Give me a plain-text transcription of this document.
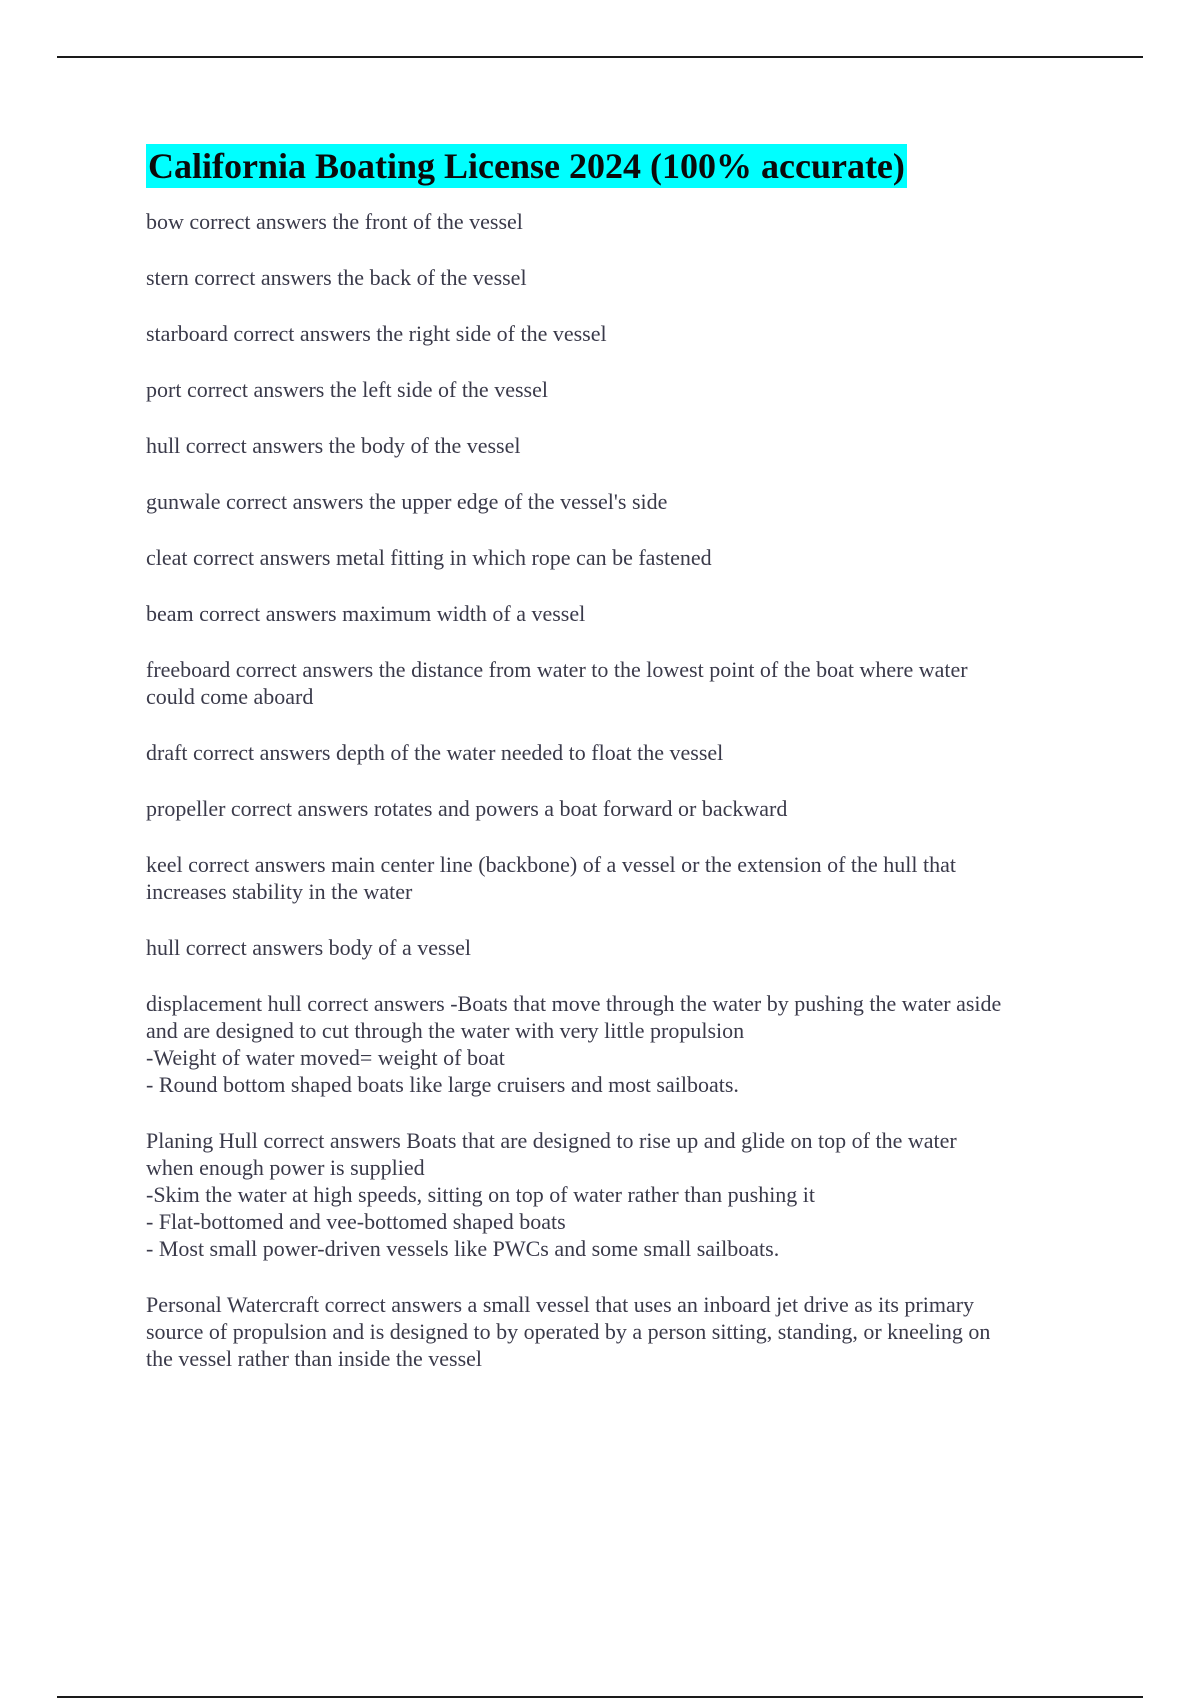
California Boating License 2024 (100% accurate)
bow correct answers the front of the vessel
stern correct answers the back of the vessel
starboard correct answers the right side of the vessel
port correct answers the left side of the vessel
hull correct answers the body of the vessel
gunwale correct answers the upper edge of the vessel's side
cleat correct answers metal fitting in which rope can be fastened
beam correct answers maximum width of a vessel
freeboard correct answers the distance from water to the lowest point of the boat where water
could come aboard
draft correct answers depth of the water needed to float the vessel
propeller correct answers rotates and powers a boat forward or backward
keel correct answers main center line (backbone) of a vessel or the extension of the hull that
increases stability in the water
hull correct answers body of a vessel
displacement hull correct answers -Boats that move through the water by pushing the water aside
and are designed to cut through the water with very little propulsion
-Weight of water moved= weight of boat
- Round bottom shaped boats like large cruisers and most sailboats.
Planing Hull correct answers Boats that are designed to rise up and glide on top of the water
when enough power is supplied
-Skim the water at high speeds, sitting on top of water rather than pushing it
- Flat-bottomed and vee-bottomed shaped boats
- Most small power-driven vessels like PWCs and some small sailboats.
Personal Watercraft correct answers a small vessel that uses an inboard jet drive as its primary
source of propulsion and is designed to by operated by a person sitting, standing, or kneeling on
the vessel rather than inside the vessel
